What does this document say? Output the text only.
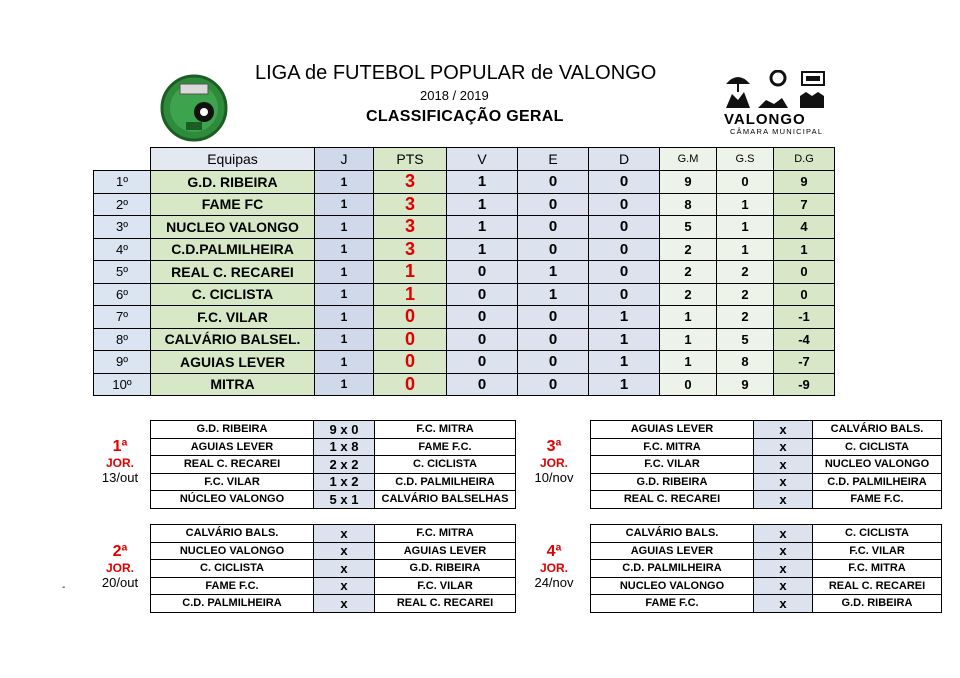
LIGA de FUTEBOL POPULAR de VALONGO
2018 / 2019
CLASSIFICAÇÃO GERAL	VALONGO
CÂMARA MUNICIPAL
	Equipas	J	PTS	V	E	D	G.M	G.S	D.G
1º	G.D. RIBEIRA	1	3	1	0	0	9	0	9
2º	FAME FC	1	3	1	0	0	8	1	7
3º	NUCLEO VALONGO	1	3	1	0	0	5	1	4
4º	C.D.PALMILHEIRA	1	3	1	0	0	2	1	1
5º	REAL C. RECAREI	1	1	0	1	0	2	2	0
6º	C. CICLISTA	1	1	0	1	0	2	2	0
7º	F.C. VILAR	1	0	0	0	1	1	2	-1
8º	CALVÁRIO BALSEL.	1	0	0	0	1	1	5	-4
9º	AGUIAS LEVER	1	0	0	0	1	1	8	-7
10º	MITRA	1	0	0	0	1	0	9	-9
G.D. RIBEIRA	9 x 0	F.C. MITRA
AGUIAS LEVER	1 x 8	FAME F.C.
REAL C. RECAREI	2 x 2	C. CICLISTA
F.C. VILAR	1 x 2	C.D. PALMILHEIRA
NÚCLEO VALONGO	5 x 1	CALVÁRIO BALSELHAS
AGUIAS LEVER	x	CALVÁRIO BALS.
F.C. MITRA	x	C. CICLISTA
F.C. VILAR	x	NUCLEO VALONGO
G.D. RIBEIRA	x	C.D. PALMILHEIRA
REAL C. RECAREI	x	FAME F.C.
CALVÁRIO BALS.	x	F.C. MITRA
NUCLEO VALONGO	x	AGUIAS LEVER
C. CICLISTA	x	G.D. RIBEIRA
FAME F.C.	x	F.C. VILAR
C.D. PALMILHEIRA	x	REAL C. RECAREI
CALVÁRIO BALS.	x	C. CICLISTA
AGUIAS LEVER	x	F.C. VILAR
C.D. PALMILHEIRA	x	F.C. MITRA
NUCLEO VALONGO	x	REAL C. RECAREI
FAME F.C.	x	G.D. RIBEIRA
1ª
JOR.
13/out
3ª
JOR.
10/nov
2ª
JOR.
20/out
4ª
JOR.
24/nov
-
